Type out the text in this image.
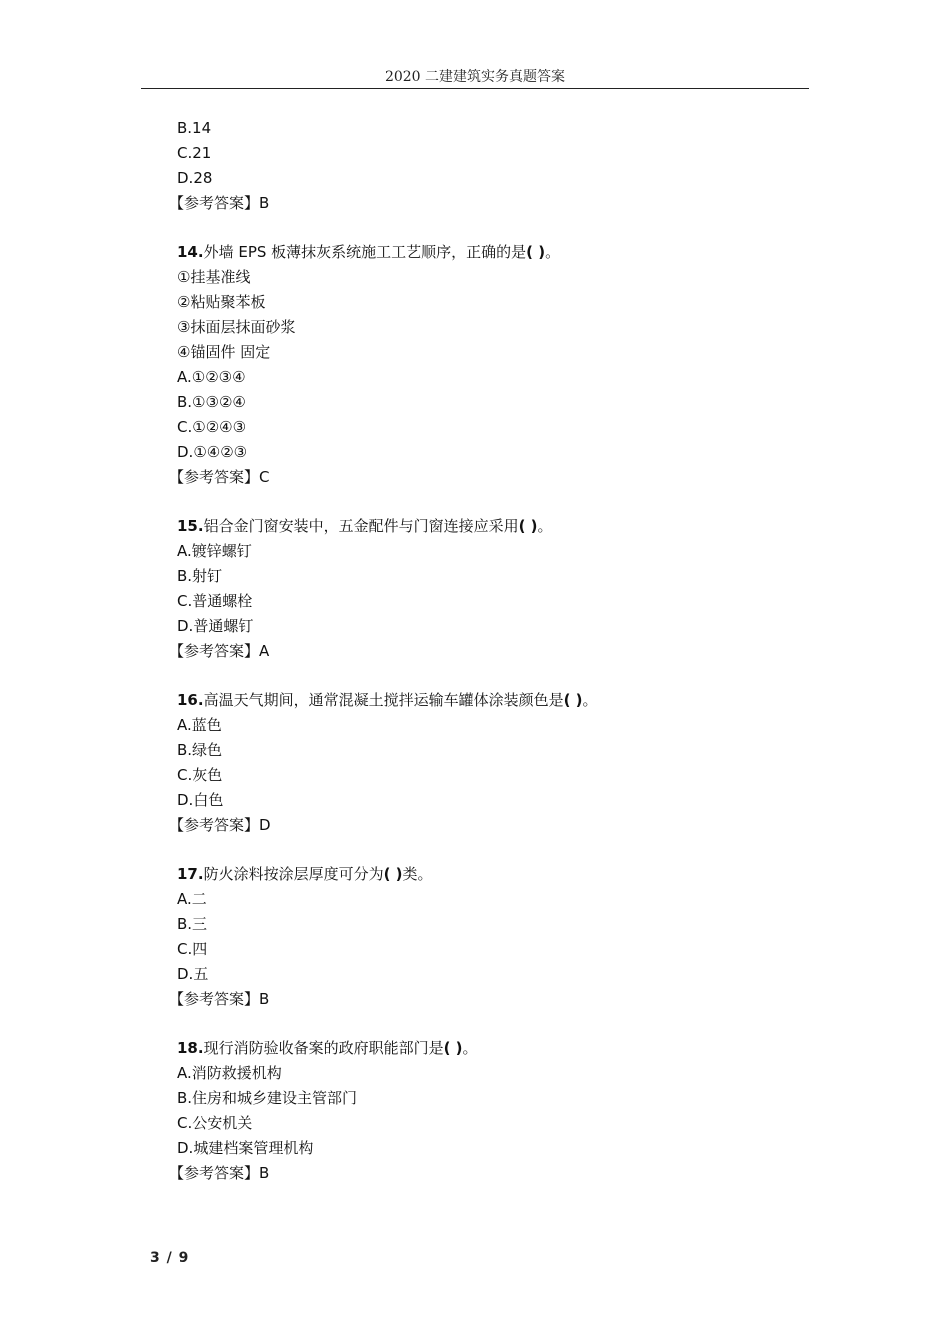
2020 二建建筑实务真题答案
B.14
C.21
D.28
【参考答案】B
14.外墙 EPS 板薄抹灰系统施工工艺顺序，正确的是( )。
①挂基准线
②粘贴聚苯板
③抹面层抹面砂浆
④锚固件 固定
A.①②③④
B.①③②④
C.①②④③
D.①④②③
【参考答案】C
15.铝合金门窗安装中，五金配件与门窗连接应采用( )。
A.镀锌螺钉
B.射钉
C.普通螺栓
D.普通螺钉
【参考答案】A
16.高温天气期间，通常混凝土搅拌运输车罐体涂装颜色是( )。
A.蓝色
B.绿色
C.灰色
D.白色
【参考答案】D
17.防火涂料按涂层厚度可分为( )类。
A.二
B.三
C.四
D.五
【参考答案】B
18.现行消防验收备案的政府职能部门是( )。
A.消防救援机构
B.住房和城乡建设主管部门
C.公安机关
D.城建档案管理机构
【参考答案】B
3 / 9
